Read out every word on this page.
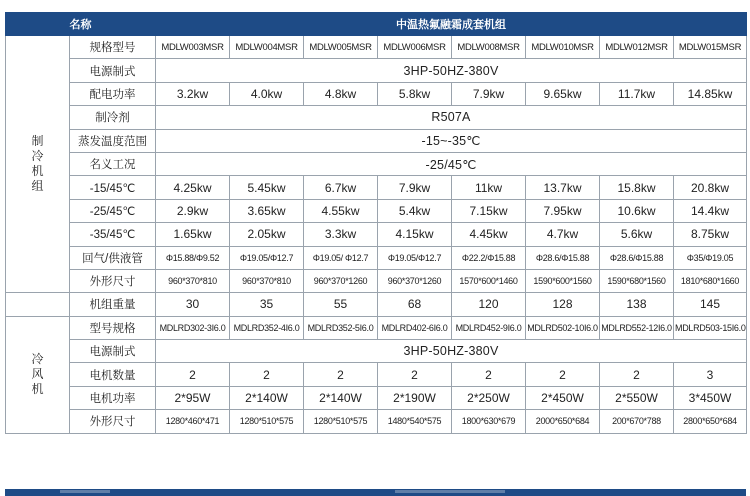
名称		中温热氟融霜成套机组							

制冷机组	规格型号	MDLW003MSR	MDLW004MSR	MDLW005MSR	MDLW006MSR	MDLW008MSR	MDLW010MSR	MDLW012MSR	MDLW015MSR
	电源制式	3HP-50HZ-380V							
	配电功率	3.2kw	4.0kw	4.8kw	5.8kw	7.9kw	9.65kw	11.7kw	14.85kw
	制冷剂	R507A							
	蒸发温度范围	-15~-35℃							
	名义工况	-25/45℃							
	-15/45℃	4.25kw	5.45kw	6.7kw	7.9kw	11kw	13.7kw	15.8kw	20.8kw
	-25/45℃	2.9kw	3.65kw	4.55kw	5.4kw	7.15kw	7.95kw	10.6kw	14.4kw
	-35/45℃	1.65kw	2.05kw	3.3kw	4.15kw	4.45kw	4.7kw	5.6kw	8.75kw
	回气/供液管	Φ15.88/Φ9.52	Φ19.05/Φ12.7	Φ19.05/ Φ12.7	Φ19.05/Φ12.7	Φ22.2/Φ15.88	Φ28.6/Φ15.88	Φ28.6/Φ15.88	Φ35/Φ19.05
	外形尺寸	960*370*810	960*370*810	960*370*1260	960*370*1260	1570*600*1460	1590*600*1560	1590*680*1560	1810*680*1660
	机组重量	30	35	55	68	120	128	138	145

冷风机	型号规格	MDLRD302-3I6.0	MDLRD352-4I6.0	MDLRD352-5I6.0	MDLRD402-6I6.0	MDLRD452-9I6.0	MDLRD502-10I6.0	MDLRD552-12I6.0	MDLRD503-15I6.0
	电源制式	3HP-50HZ-380V							
	电机数量	2	2	2	2	2	2	2	3
	电机功率	2*95W	2*140W	2*140W	2*190W	2*250W	2*450W	2*550W	3*450W
	外形尺寸	1280*460*471	1280*510*575	1280*510*575	1480*540*575	1800*630*679	2000*650*684	200*670*788	2800*650*684
